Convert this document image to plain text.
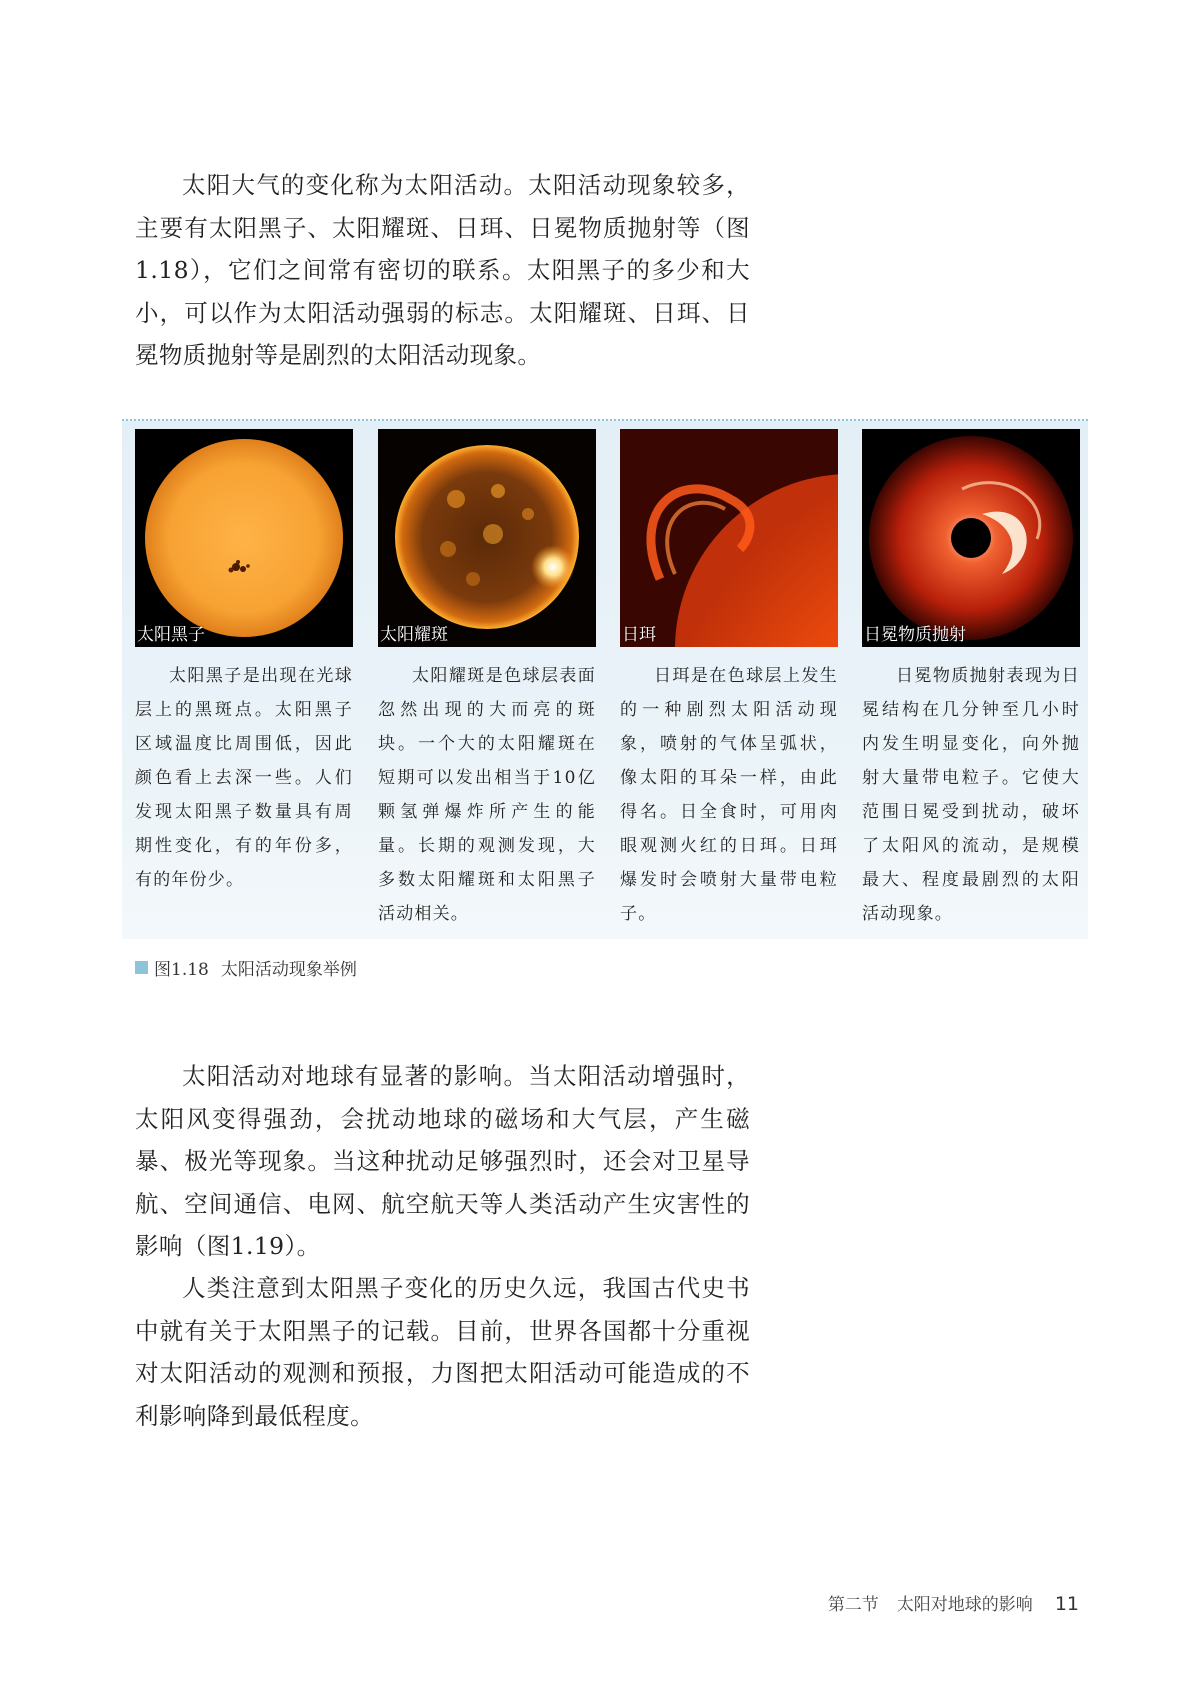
太阳大气的变化称为太阳活动。太阳活动现象较多，主要有太阳黑子、太阳耀斑、日珥、日冕物质抛射等（图1.18），它们之间常有密切的联系。太阳黑子的多少和大小，可以作为太阳活动强弱的标志。太阳耀斑、日珥、日冕物质抛射等是剧烈的太阳活动现象。

太阳黑子

太阳黑子是出现在光球层上的黑斑点。太阳黑子区域温度比周围低，因此颜色看上去深一些。人们发现太阳黑子数量具有周期性变化，有的年份多，有的年份少。

太阳耀斑

太阳耀斑是色球层表面忽然出现的大而亮的斑块。一个大的太阳耀斑在短期可以发出相当于10亿颗氢弹爆炸所产生的能量。长期的观测发现，大多数太阳耀斑和太阳黑子活动相关。

日珥

日珥是在色球层上发生的一种剧烈太阳活动现象，喷射的气体呈弧状，像太阳的耳朵一样，由此得名。日全食时，可用肉眼观测火红的日珥。日珥爆发时会喷射大量带电粒子。

日冕物质抛射

日冕物质抛射表现为日冕结构在几分钟至几小时内发生明显变化，向外抛射大量带电粒子。它使大范围日冕受到扰动，破坏了太阳风的流动，是规模最大、程度最剧烈的太阳活动现象。

图1.18 太阳活动现象举例

太阳活动对地球有显著的影响。当太阳活动增强时，太阳风变得强劲，会扰动地球的磁场和大气层，产生磁暴、极光等现象。当这种扰动足够强烈时，还会对卫星导航、空间通信、电网、航空航天等人类活动产生灾害性的影响（图1.19）。

人类注意到太阳黑子变化的历史久远，我国古代史书中就有关于太阳黑子的记载。目前，世界各国都十分重视对太阳活动的观测和预报，力图把太阳活动可能造成的不利影响降到最低程度。

第二节 太阳对地球的影响 11
